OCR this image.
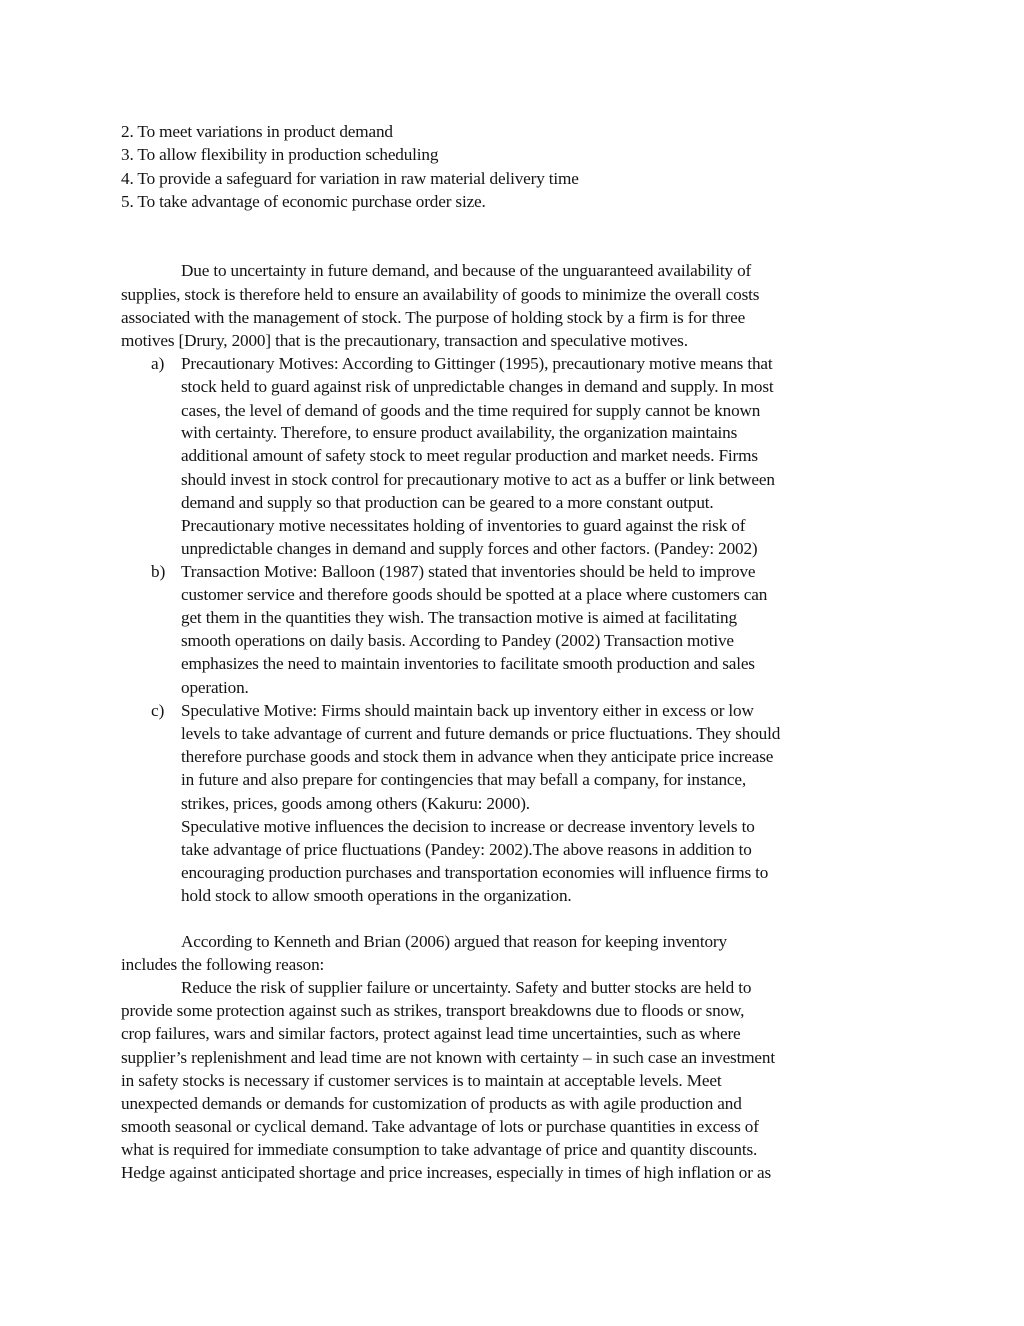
2. To meet variations in product demand
3. To allow flexibility in production scheduling
4. To provide a safeguard for variation in raw material delivery time
5. To take advantage of economic purchase order size.
Due to uncertainty in future demand, and because of the unguaranteed availability of
supplies, stock is therefore held to ensure an availability of goods to minimize the overall costs
associated with the management of stock. The purpose of holding stock by a firm is for three
motives [Drury, 2000] that is the precautionary, transaction and speculative motives.
a) Precautionary Motives: According to Gittinger (1995), precautionary motive means that
stock held to guard against risk of unpredictable changes in demand and supply. In most
cases, the level of demand of goods and the time required for supply cannot be known
with certainty. Therefore, to ensure product availability, the organization maintains
additional amount of safety stock to meet regular production and market needs. Firms
should invest in stock control for precautionary motive to act as a buffer or link between
demand and supply so that production can be geared to a more constant output.
Precautionary motive necessitates holding of inventories to guard against the risk of
unpredictable changes in demand and supply forces and other factors. (Pandey: 2002)
b) Transaction Motive: Balloon (1987) stated that inventories should be held to improve
customer service and therefore goods should be spotted at a place where customers can
get them in the quantities they wish. The transaction motive is aimed at facilitating
smooth operations on daily basis. According to Pandey (2002) Transaction motive
emphasizes the need to maintain inventories to facilitate smooth production and sales
operation.
c) Speculative Motive: Firms should maintain back up inventory either in excess or low
levels to take advantage of current and future demands or price fluctuations. They should
therefore purchase goods and stock them in advance when they anticipate price increase
in future and also prepare for contingencies that may befall a company, for instance,
strikes, prices, goods among others (Kakuru: 2000).
Speculative motive influences the decision to increase or decrease inventory levels to
take advantage of price fluctuations (Pandey: 2002).The above reasons in addition to
encouraging production purchases and transportation economies will influence firms to
hold stock to allow smooth operations in the organization.
According to Kenneth and Brian (2006) argued that reason for keeping inventory
includes the following reason:
Reduce the risk of supplier failure or uncertainty. Safety and butter stocks are held to
provide some protection against such as strikes, transport breakdowns due to floods or snow,
crop failures, wars and similar factors, protect against lead time uncertainties, such as where
supplier’s replenishment and lead time are not known with certainty – in such case an investment
in safety stocks is necessary if customer services is to maintain at acceptable levels. Meet
unexpected demands or demands for customization of products as with agile production and
smooth seasonal or cyclical demand. Take advantage of lots or purchase quantities in excess of
what is required for immediate consumption to take advantage of price and quantity discounts.
Hedge against anticipated shortage and price increases, especially in times of high inflation or as
